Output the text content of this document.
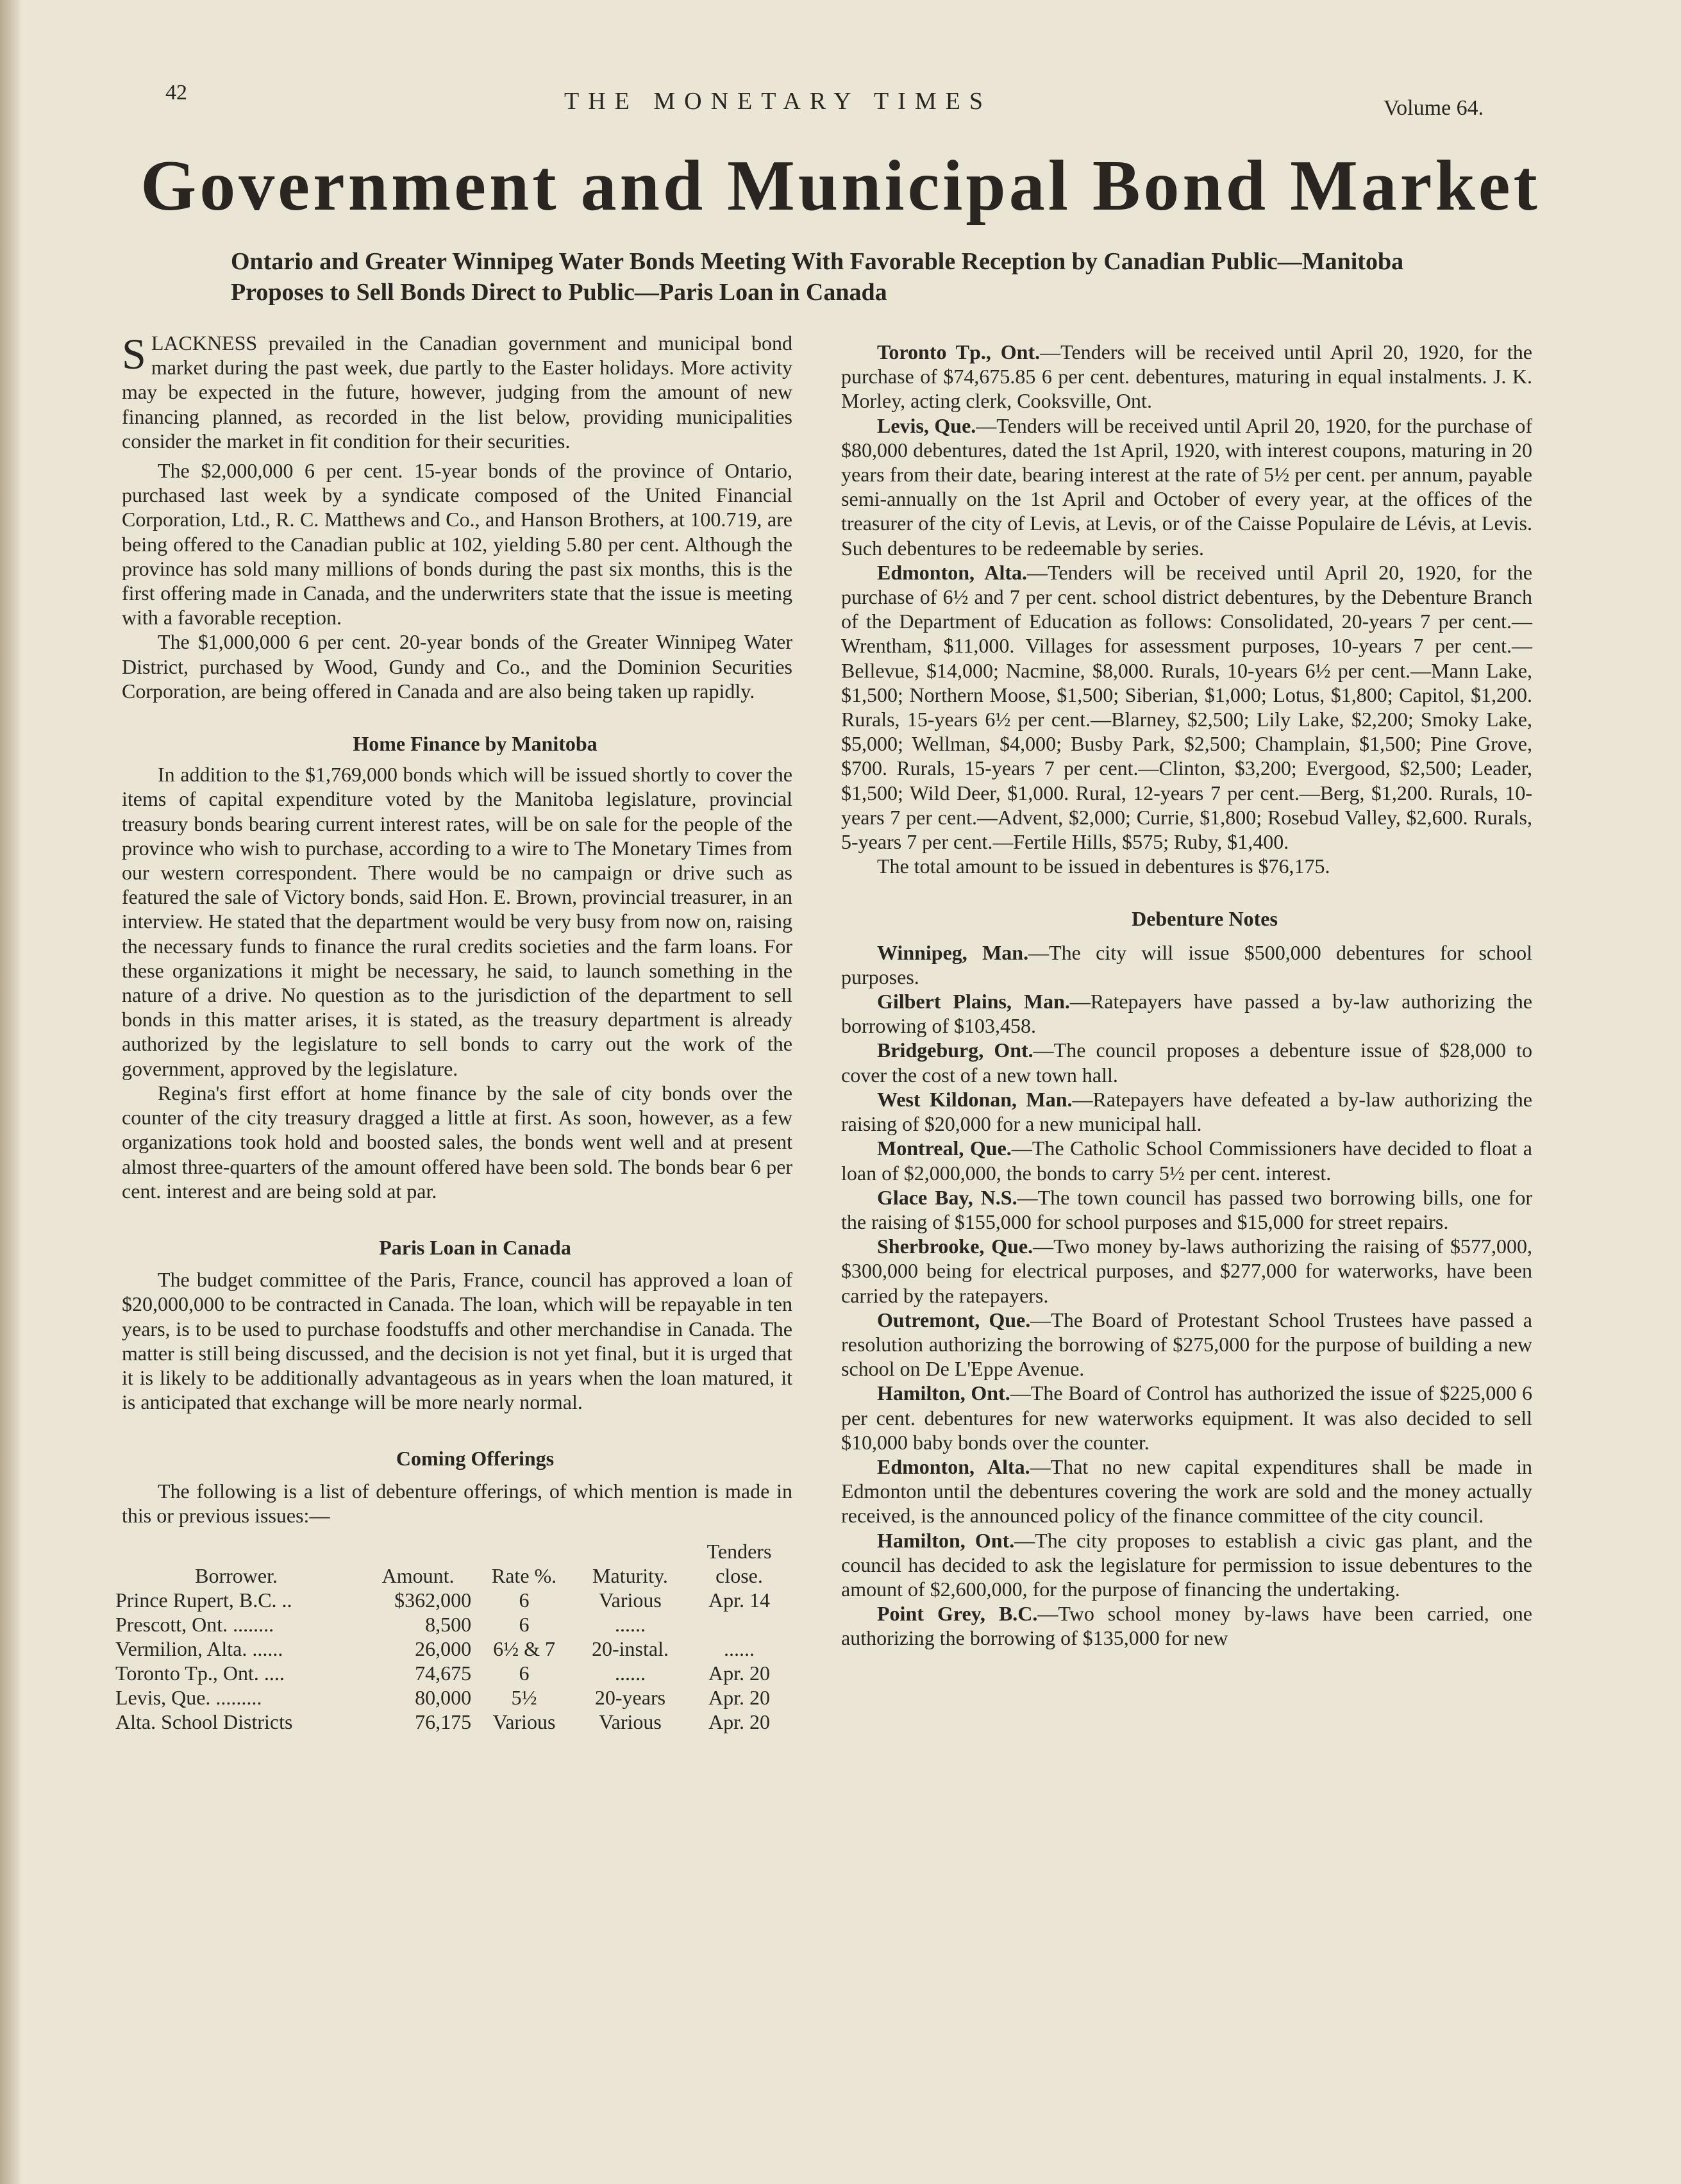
42	THE MONETARY TIMES	Volume 64.
Government and Municipal Bond Market

Ontario and Greater Winnipeg Water Bonds Meeting With Favorable Reception by Canadian Public—Manitoba Proposes to Sell Bonds Direct to Public—Paris Loan in Canada

SLACKNESS prevailed in the Canadian government and municipal bond market during the past week, due partly to the Easter holidays. More activity may be expected in the future, however, judging from the amount of new financing planned, as recorded in the list below, providing municipalities consider the market in fit condition for their securities.

The $2,000,000 6 per cent. 15-year bonds of the province of Ontario, purchased last week by a syndicate composed of the United Financial Corporation, Ltd., R. C. Matthews and Co., and Hanson Brothers, at 100.719, are being offered to the Canadian public at 102, yielding 5.80 per cent. Although the province has sold many millions of bonds during the past six months, this is the first offering made in Canada, and the underwriters state that the issue is meeting with a favorable reception.

The $1,000,000 6 per cent. 20-year bonds of the Greater Winnipeg Water District, purchased by Wood, Gundy and Co., and the Dominion Securities Corporation, are being offered in Canada and are also being taken up rapidly.

Home Finance by Manitoba

In addition to the $1,769,000 bonds which will be issued shortly to cover the items of capital expenditure voted by the Manitoba legislature, provincial treasury bonds bearing current interest rates, will be on sale for the people of the province who wish to purchase, according to a wire to The Monetary Times from our western correspondent. There would be no campaign or drive such as featured the sale of Victory bonds, said Hon. E. Brown, provincial treasurer, in an interview. He stated that the department would be very busy from now on, raising the necessary funds to finance the rural credits societies and the farm loans. For these organizations it might be necessary, he said, to launch something in the nature of a drive. No question as to the jurisdiction of the department to sell bonds in this matter arises, it is stated, as the treasury department is already authorized by the legislature to sell bonds to carry out the work of the government, approved by the legislature.

Regina's first effort at home finance by the sale of city bonds over the counter of the city treasury dragged a little at first. As soon, however, as a few organizations took hold and boosted sales, the bonds went well and at present almost three-quarters of the amount offered have been sold. The bonds bear 6 per cent. interest and are being sold at par.

Paris Loan in Canada

The budget committee of the Paris, France, council has approved a loan of $20,000,000 to be contracted in Canada. The loan, which will be repayable in ten years, is to be used to purchase foodstuffs and other merchandise in Canada. The matter is still being discussed, and the decision is not yet final, but it is urged that it is likely to be additionally advantageous as in years when the loan matured, it is anticipated that exchange will be more nearly normal.

Coming Offerings

The following is a list of debenture offerings, of which mention is made in this or previous issues:—

Borrower.	Amount.	Rate %.	Maturity.	Tenders close.
Prince Rupert, B.C. ..	$362,000	6	Various	Apr. 14
Prescott, Ont. ........	8,500	6	......	
Vermilion, Alta. ......	26,000	6½ & 7	20-instal.	......
Toronto Tp., Ont. ....	74,675	6	......	Apr. 20
Levis, Que. .........	80,000	5½	20-years	Apr. 20
Alta. School Districts	76,175	Various	Various	Apr. 20

Toronto Tp., Ont.—Tenders will be received until April 20, 1920, for the purchase of $74,675.85 6 per cent. debentures, maturing in equal instalments. J. K. Morley, acting clerk, Cooksville, Ont.

Levis, Que.—Tenders will be received until April 20, 1920, for the purchase of $80,000 debentures, dated the 1st April, 1920, with interest coupons, maturing in 20 years from their date, bearing interest at the rate of 5½ per cent. per annum, payable semi-annually on the 1st April and October of every year, at the offices of the treasurer of the city of Levis, at Levis, or of the Caisse Populaire de Lévis, at Levis. Such debentures to be redeemable by series.

Edmonton, Alta.—Tenders will be received until April 20, 1920, for the purchase of 6½ and 7 per cent. school district debentures, by the Debenture Branch of the Department of Education as follows: Consolidated, 20-years 7 per cent.—Wrentham, $11,000. Villages for assessment purposes, 10-years 7 per cent.—Bellevue, $14,000; Nacmine, $8,000. Rurals, 10-years 6½ per cent.—Mann Lake, $1,500; Northern Moose, $1,500; Siberian, $1,000; Lotus, $1,800; Capitol, $1,200. Rurals, 15-years 6½ per cent.—Blarney, $2,500; Lily Lake, $2,200; Smoky Lake, $5,000; Wellman, $4,000; Busby Park, $2,500; Champlain, $1,500; Pine Grove, $700. Rurals, 15-years 7 per cent.—Clinton, $3,200; Evergood, $2,500; Leader, $1,500; Wild Deer, $1,000. Rural, 12-years 7 per cent.—Berg, $1,200. Rurals, 10-years 7 per cent.—Advent, $2,000; Currie, $1,800; Rosebud Valley, $2,600. Rurals, 5-years 7 per cent.—Fertile Hills, $575; Ruby, $1,400.

The total amount to be issued in debentures is $76,175.

Debenture Notes

Winnipeg, Man.—The city will issue $500,000 debentures for school purposes.

Gilbert Plains, Man.—Ratepayers have passed a by-law authorizing the borrowing of $103,458.

Bridgeburg, Ont.—The council proposes a debenture issue of $28,000 to cover the cost of a new town hall.

West Kildonan, Man.—Ratepayers have defeated a by-law authorizing the raising of $20,000 for a new municipal hall.

Montreal, Que.—The Catholic School Commissioners have decided to float a loan of $2,000,000, the bonds to carry 5½ per cent. interest.

Glace Bay, N.S.—The town council has passed two borrowing bills, one for the raising of $155,000 for school purposes and $15,000 for street repairs.

Sherbrooke, Que.—Two money by-laws authorizing the raising of $577,000, $300,000 being for electrical purposes, and $277,000 for waterworks, have been carried by the ratepayers.

Outremont, Que.—The Board of Protestant School Trustees have passed a resolution authorizing the borrowing of $275,000 for the purpose of building a new school on De L'Eppe Avenue.

Hamilton, Ont.—The Board of Control has authorized the issue of $225,000 6 per cent. debentures for new waterworks equipment. It was also decided to sell $10,000 baby bonds over the counter.

Edmonton, Alta.—That no new capital expenditures shall be made in Edmonton until the debentures covering the work are sold and the money actually received, is the announced policy of the finance committee of the city council.

Hamilton, Ont.—The city proposes to establish a civic gas plant, and the council has decided to ask the legislature for permission to issue debentures to the amount of $2,600,000, for the purpose of financing the undertaking.

Point Grey, B.C.—Two school money by-laws have been carried, one authorizing the borrowing of $135,000 for new
